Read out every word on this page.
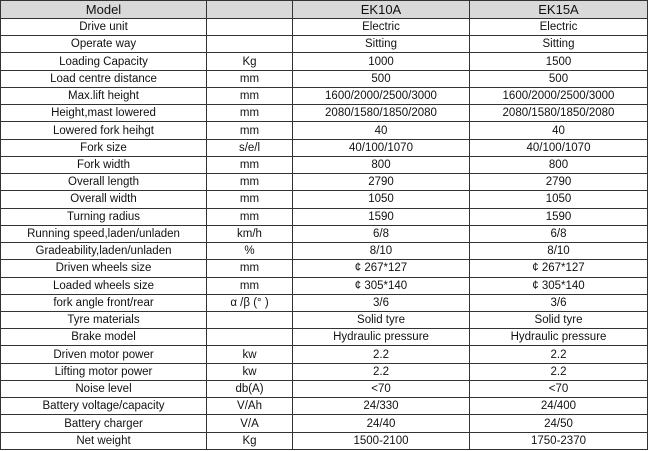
Model		EK10A	EK15A
Drive unit		Electric	Electric
Operate way		Sitting	Sitting
Loading Capacity	Kg	1000	1500
Load centre distance	mm	500	500
Max.lift height	mm	1600/2000/2500/3000	1600/2000/2500/3000
Height,mast lowered	mm	2080/1580/1850/2080	2080/1580/1850/2080
Lowered fork heihgt	mm	40	40
Fork size	s/e/l	40/100/1070	40/100/1070
Fork width	mm	800	800
Overall length	mm	2790	2790
Overall width	mm	1050	1050
Turning radius	mm	1590	1590
Running speed,laden/unladen	km/h	6/8	6/8
Gradeability,laden/unladen	%	8/10	8/10
Driven wheels size	mm	¢ 267*127	¢ 267*127
Loaded wheels size	mm	¢ 305*140	¢ 305*140
fork angle front/rear	α /β (° )	3/6	3/6
Tyre materials		Solid tyre	Solid tyre
Brake model		Hydraulic pressure	Hydraulic pressure
Driven motor power	kw	2.2	2.2
Lifting motor power	kw	2.2	2.2
Noise level	db(A)	<70	<70
Battery voltage/capacity	V/Ah	24/330	24/400
Battery charger	V/A	24/40	24/50
Net weight	Kg	1500-2100	1750-2370
